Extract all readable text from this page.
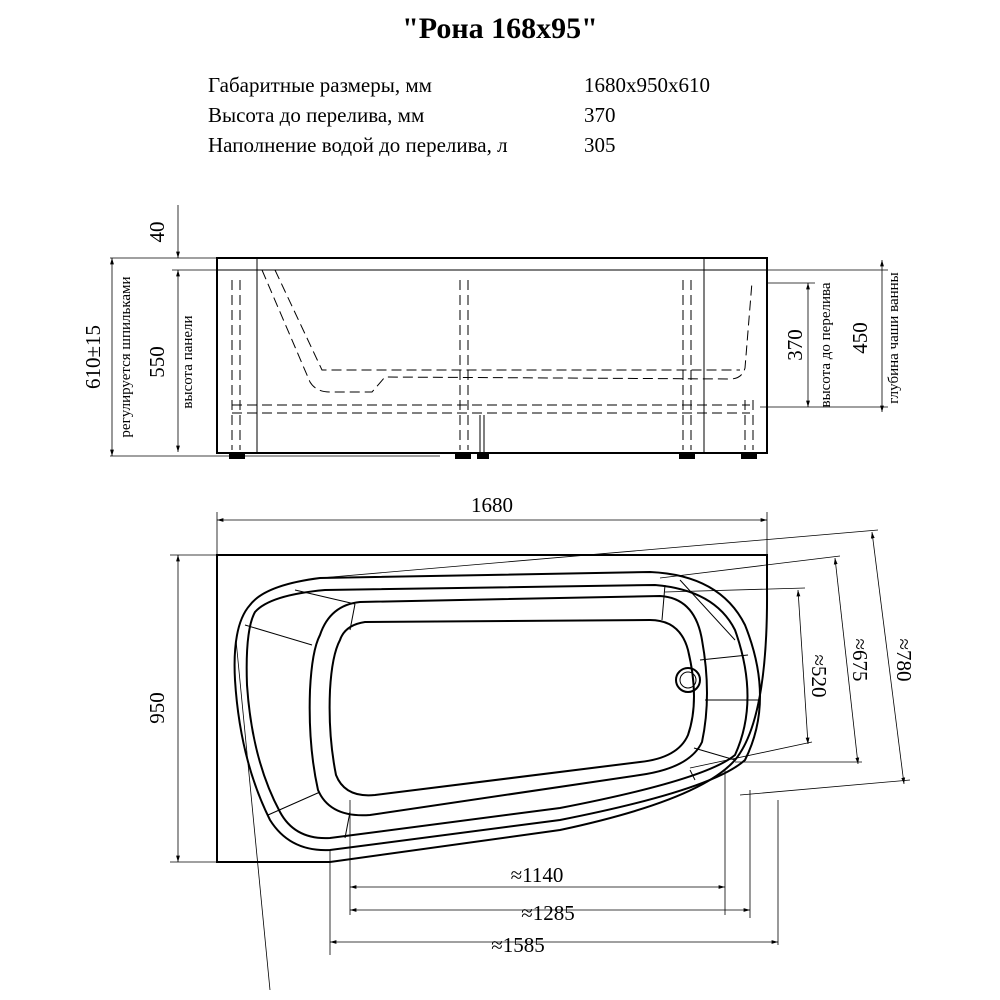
"Рона 168x95"
Габаритные размеры, мм	1680x950x610
Высота до перелива, мм	370
Наполнение водой до перелива, л	305
40
610±15 регулируется шпильками 550 высота панели	370 высота до перелива 450 глубина чаши ванны
1680
950
≈1140
≈1285
≈1585
≈520 ≈675 ≈780
